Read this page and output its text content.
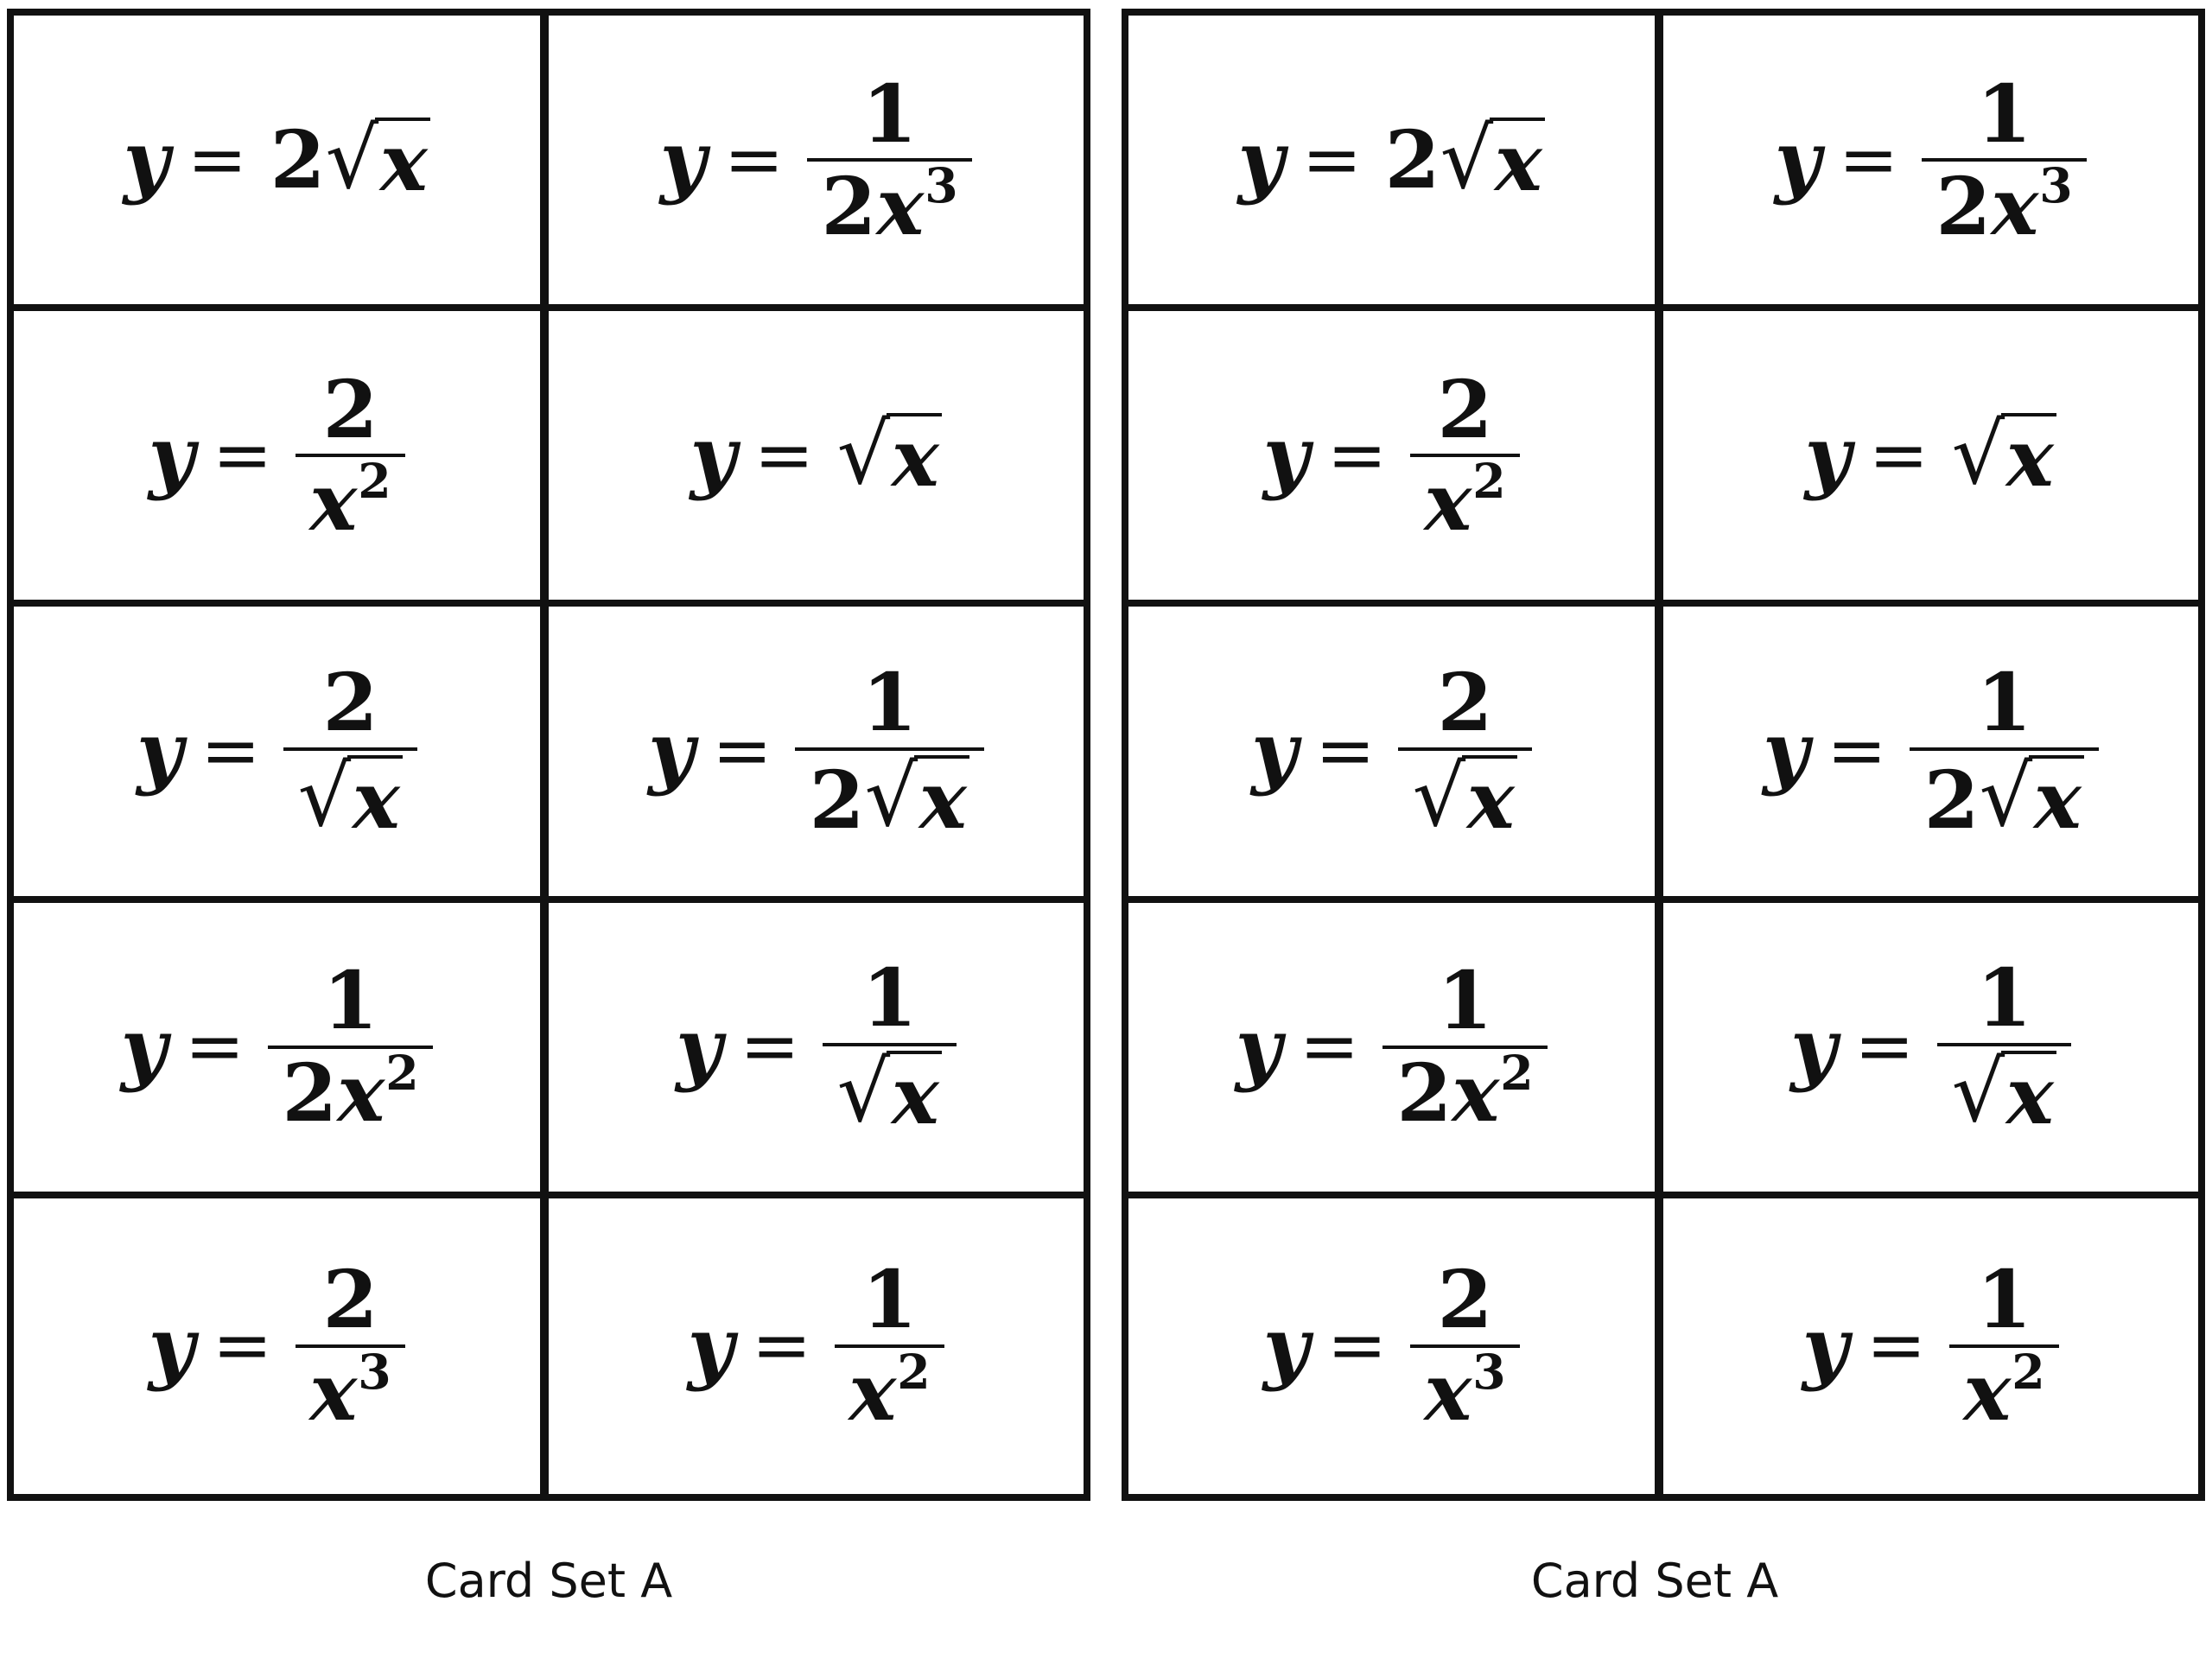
y = 2 √ x	$y = \frac{1}{2 x 3}$
$y = \frac{2}{x 2}$	y = √ x
$y = \frac{2}{√ x}$	$y = \frac{1}{2 √ x}$
$y = \frac{1}{2 x 2}$	$y = \frac{1}{√ x}$
$y = \frac{2}{x 3}$	$y = \frac{1}{x 2}$
y = 2 √ x	$y = \frac{1}{2 x 3}$
$y = \frac{2}{x 2}$	y = √ x
$y = \frac{2}{√ x}$	$y = \frac{1}{2 √ x}$
$y = \frac{1}{2 x 2}$	$y = \frac{1}{√ x}$
$y = \frac{2}{x 3}$	$y = \frac{1}{x 2}$
Card Set A	Card Set A
